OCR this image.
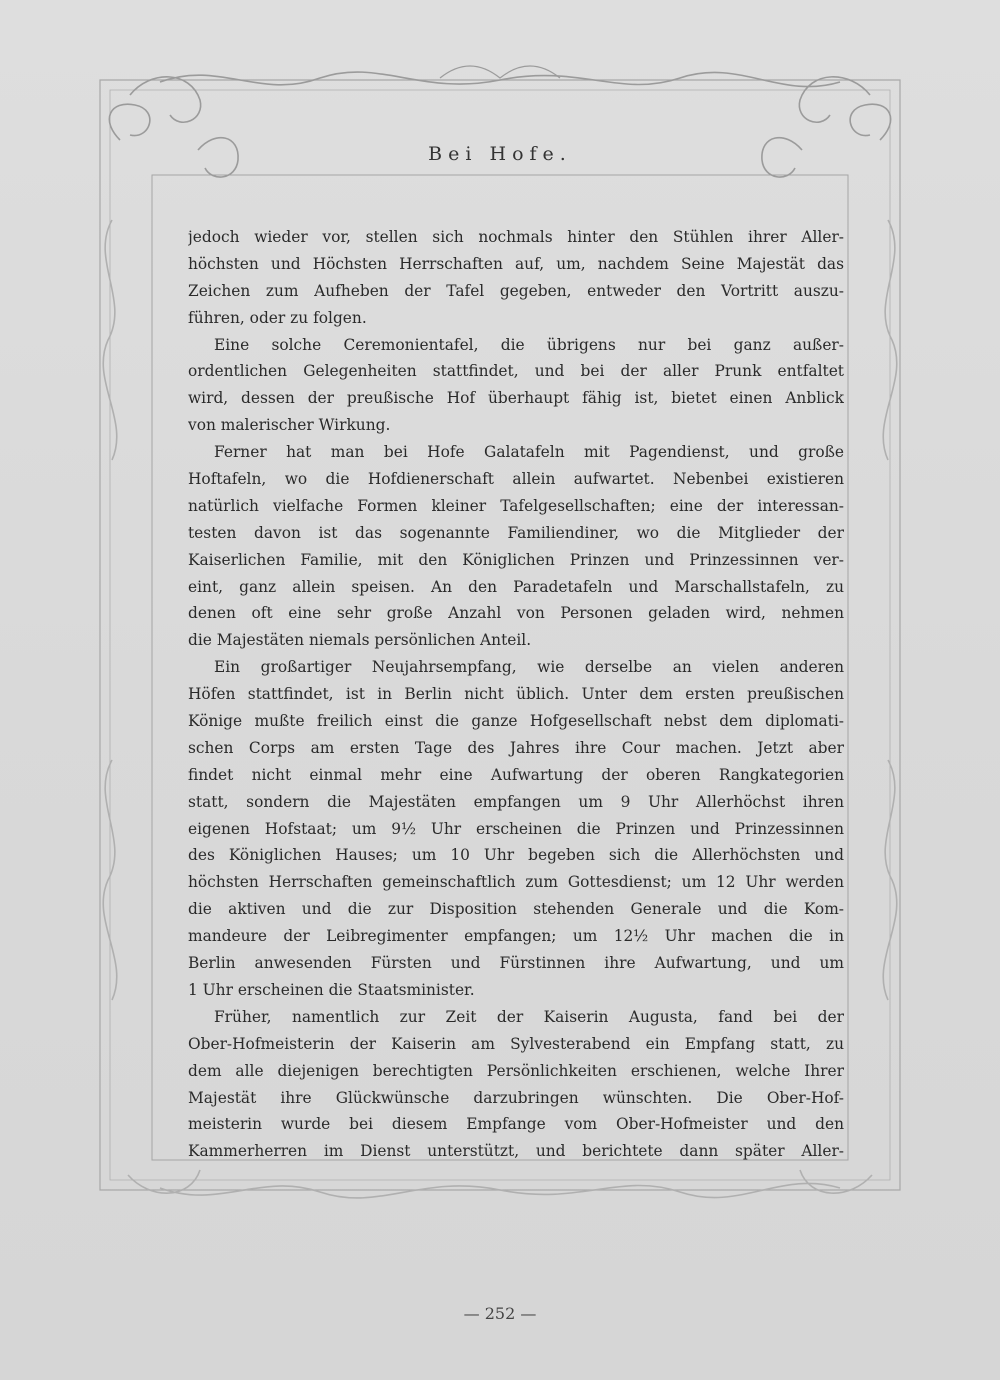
Bei Hofe.
jedoch wieder vor, stellen sich nochmals hinter den Stühlen ihrer Aller-
höchsten und Höchsten Herrschaften auf, um, nachdem Seine Majestät das
Zeichen zum Aufheben der Tafel gegeben, entweder den Vortritt auszu-
führen, oder zu folgen.
Eine solche Ceremonientafel, die übrigens nur bei ganz außer-
ordentlichen Gelegenheiten stattfindet, und bei der aller Prunk entfaltet
wird, dessen der preußische Hof überhaupt fähig ist, bietet einen Anblick
von malerischer Wirkung.
Ferner hat man bei Hofe Galatafeln mit Pagendienst, und große
Hoftafeln, wo die Hofdienerschaft allein aufwartet. Nebenbei existieren
natürlich vielfache Formen kleiner Tafelgesellschaften; eine der interessan-
testen davon ist das sogenannte Familiendiner, wo die Mitglieder der
Kaiserlichen Familie, mit den Königlichen Prinzen und Prinzessinnen ver-
eint, ganz allein speisen. An den Paradetafeln und Marschallstafeln, zu
denen oft eine sehr große Anzahl von Personen geladen wird, nehmen
die Majestäten niemals persönlichen Anteil.
Ein großartiger Neujahrsempfang, wie derselbe an vielen anderen
Höfen stattfindet, ist in Berlin nicht üblich. Unter dem ersten preußischen
Könige mußte freilich einst die ganze Hofgesellschaft nebst dem diplomati-
schen Corps am ersten Tage des Jahres ihre Cour machen. Jetzt aber
findet nicht einmal mehr eine Aufwartung der oberen Rangkategorien
statt, sondern die Majestäten empfangen um 9 Uhr Allerhöchst ihren
eigenen Hofstaat; um 9½ Uhr erscheinen die Prinzen und Prinzessinnen
des Königlichen Hauses; um 10 Uhr begeben sich die Allerhöchsten und
höchsten Herrschaften gemeinschaftlich zum Gottesdienst; um 12 Uhr werden
die aktiven und die zur Disposition stehenden Generale und die Kom-
mandeure der Leibregimenter empfangen; um 12½ Uhr machen die in
Berlin anwesenden Fürsten und Fürstinnen ihre Aufwartung, und um
1 Uhr erscheinen die Staatsminister.
Früher, namentlich zur Zeit der Kaiserin Augusta, fand bei der
Ober-Hofmeisterin der Kaiserin am Sylvesterabend ein Empfang statt, zu
dem alle diejenigen berechtigten Persönlichkeiten erschienen, welche Ihrer
Majestät ihre Glückwünsche darzubringen wünschten. Die Ober-Hof-
meisterin wurde bei diesem Empfange vom Ober-Hofmeister und den
Kammerherren im Dienst unterstützt, und berichtete dann später Aller-
— 252 —
